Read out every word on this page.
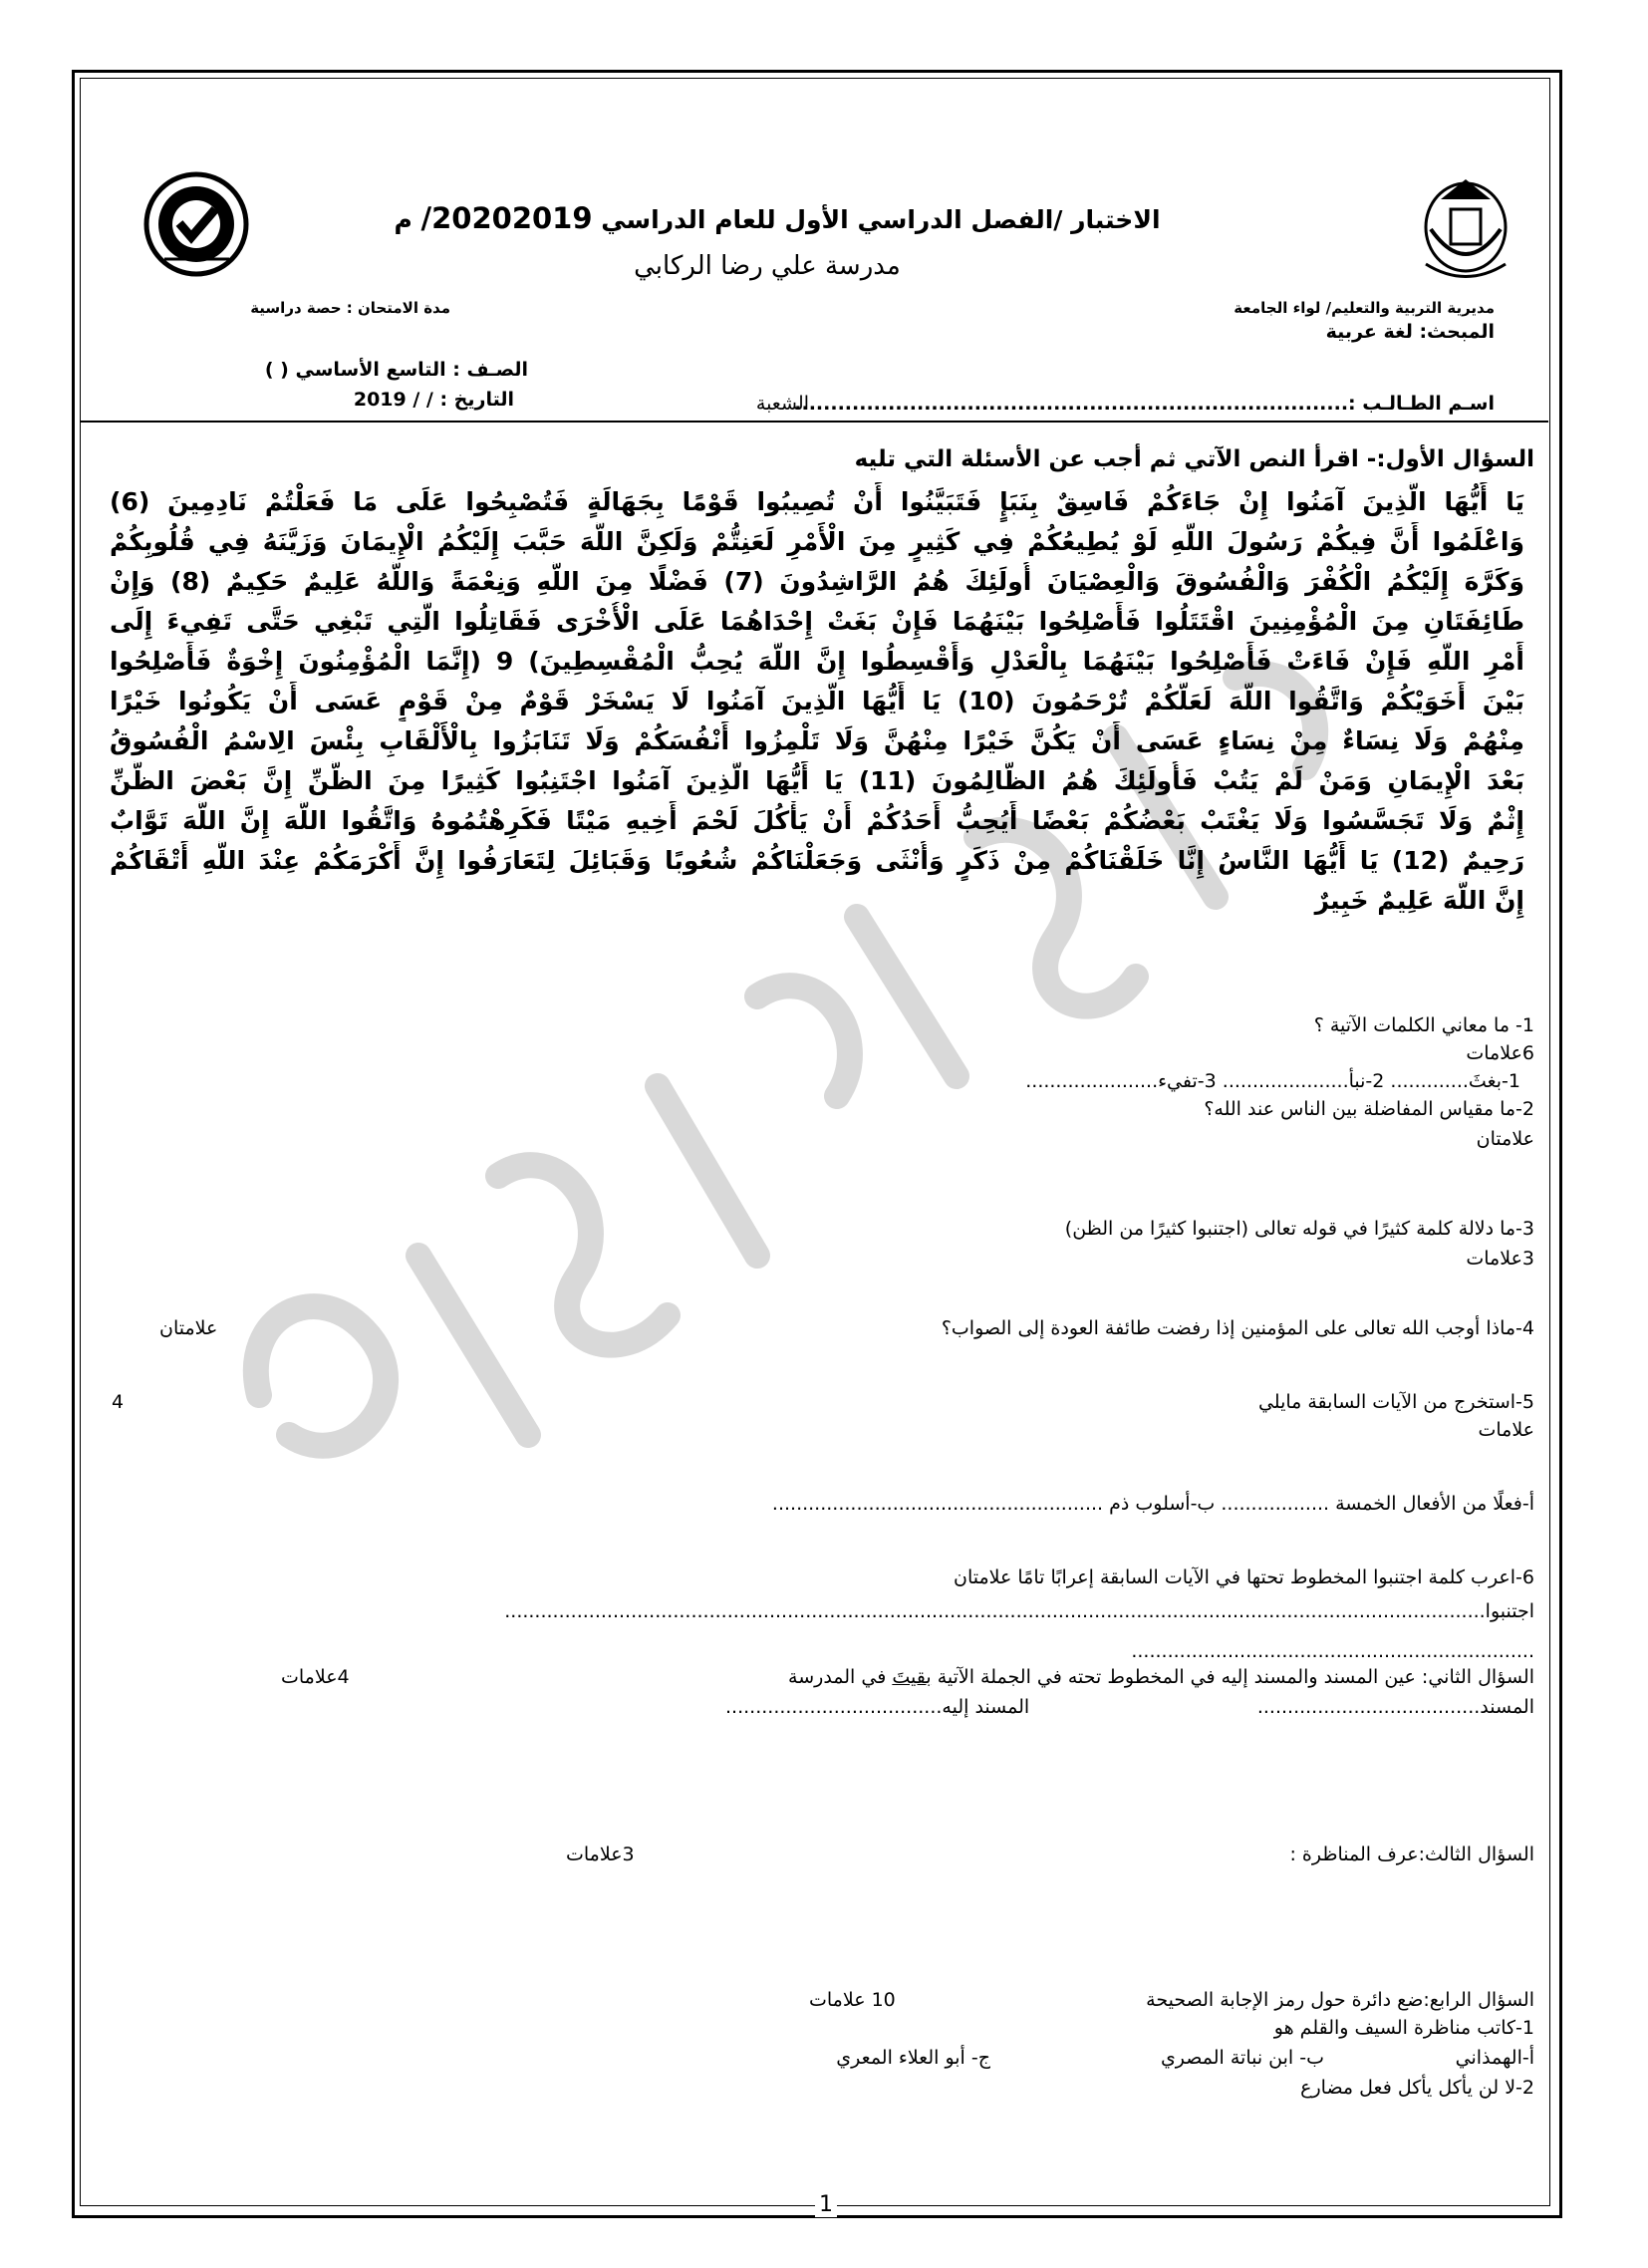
الاختبار /الفصل الدراسي الأول للعام الدراسي 20202019/ م
مدرسة علي رضا الركابي
مديرية التربية والتعليم/ لواء الجامعة
المبحث: لغة عربية
مدة الامتحان : حصة دراسية
الصـف : التاسع الأساسي ( )
التاريخ : / / 2019	اسـم الطـالـب :.............................................................................
الشعبة
السؤال الأول:- اقرأ النص الآتي ثم أجب عن الأسئلة التي تليه
يَا أَيُّهَا الَّذِينَ آمَنُوا إِنْ جَاءَكُمْ فَاسِقٌ بِنَبَإٍ فَتَبَيَّنُوا أَنْ تُصِيبُوا قَوْمًا بِجَهَالَةٍ فَتُصْبِحُوا عَلَى مَا فَعَلْتُمْ نَادِمِينَ (6)
وَاعْلَمُوا أَنَّ فِيكُمْ رَسُولَ اللَّهِ لَوْ يُطِيعُكُمْ فِي كَثِيرٍ مِنَ الْأَمْرِ لَعَنِتُّمْ وَلَكِنَّ اللَّهَ حَبَّبَ إِلَيْكُمُ الْإِيمَانَ وَزَيَّنَهُ فِي قُلُوبِكُمْ
وَكَرَّهَ إِلَيْكُمُ الْكُفْرَ وَالْفُسُوقَ وَالْعِصْيَانَ أُولَئِكَ هُمُ الرَّاشِدُونَ (7) فَضْلًا مِنَ اللَّهِ وَنِعْمَةً وَاللَّهُ عَلِيمٌ حَكِيمٌ (8) وَإِنْ
طَائِفَتَانِ مِنَ الْمُؤْمِنِينَ اقْتَتَلُوا فَأَصْلِحُوا بَيْنَهُمَا فَإِنْ بَغَتْ إِحْدَاهُمَا عَلَى الْأُخْرَى فَقَاتِلُوا الَّتِي تَبْغِي حَتَّى تَفِيءَ إِلَى
أَمْرِ اللَّهِ فَإِنْ فَاءَتْ فَأَصْلِحُوا بَيْنَهُمَا بِالْعَدْلِ وَأَقْسِطُوا إِنَّ اللَّهَ يُحِبُّ الْمُقْسِطِينَ) 9 (إِنَّمَا الْمُؤْمِنُونَ إِخْوَةٌ فَأَصْلِحُوا
بَيْنَ أَخَوَيْكُمْ وَاتَّقُوا اللَّهَ لَعَلَّكُمْ تُرْحَمُونَ (10) يَا أَيُّهَا الَّذِينَ آمَنُوا لَا يَسْخَرْ قَوْمٌ مِنْ قَوْمٍ عَسَى أَنْ يَكُونُوا خَيْرًا
مِنْهُمْ وَلَا نِسَاءٌ مِنْ نِسَاءٍ عَسَى أَنْ يَكُنَّ خَيْرًا مِنْهُنَّ وَلَا تَلْمِزُوا أَنْفُسَكُمْ وَلَا تَنَابَزُوا بِالْأَلْقَابِ بِئْسَ الِاسْمُ الْفُسُوقُ
بَعْدَ الْإِيمَانِ وَمَنْ لَمْ يَتُبْ فَأُولَئِكَ هُمُ الظَّالِمُونَ (11) يَا أَيُّهَا الَّذِينَ آمَنُوا اجْتَنِبُوا كَثِيرًا مِنَ الظَّنِّ إِنَّ بَعْضَ الظَّنِّ
إِثْمٌ وَلَا تَجَسَّسُوا وَلَا يَغْتَبْ بَعْضُكُمْ بَعْضًا أَيُحِبُّ أَحَدُكُمْ أَنْ يَأْكُلَ لَحْمَ أَخِيهِ مَيْتًا فَكَرِهْتُمُوهُ وَاتَّقُوا اللَّهَ إِنَّ اللَّهَ تَوَّابٌ
رَحِيمٌ (12) يَا أَيُّهَا النَّاسُ إِنَّا خَلَقْنَاكُمْ مِنْ ذَكَرٍ وَأُنْثَى وَجَعَلْنَاكُمْ شُعُوبًا وَقَبَائِلَ لِتَعَارَفُوا إِنَّ أَكْرَمَكُمْ عِنْدَ اللَّهِ أَتْقَاكُمْ
إِنَّ اللَّهَ عَلِيمٌ خَبِيرٌ
1- ما معاني الكلمات الآتية ؟
6علامات
1-بغثَ............. 2-نبأ..................... 3-تفيء......................
2-ما مقياس المفاضلة بين الناس عند الله؟
علامتان
3-ما دلالة كلمة كثيرًا في قوله تعالى (اجتنبوا كثيرًا من الظن)
3علامات
4-ماذا أوجب الله تعالى على المؤمنين إذا رفضت طائفة العودة إلى الصواب؟
علامتان
5-استخرج من الآيات السابقة مايلي
4
علامات
أ-فعلًا من الأفعال الخمسة .................. ب-أسلوب ذم .......................................................
6-اعرب كلمة اجتنبوا المخطوط تحتها في الآيات السابقة إعرابًا تامًا علامتان
اجتنبوا...................................................................................................................................................................
...................................................................
السؤال الثاني: عين المسند والمسند إليه في المخطوط تحته في الجملة الآتية بقيتَ في المدرسة
4علامات
المسند.....................................
المسند إليه....................................
السؤال الثالث:عرف المناظرة :
3علامات
السؤال الرابع:ضع دائرة حول رمز الإجابة الصحيحة
10 علامات
1-كاتب مناظرة السيف والقلم هو
أ-الهمذاني
ب- ابن نباتة المصري
ج- أبو العلاء المعري
2-لا لن يأكل يأكل فعل مضارع
1
